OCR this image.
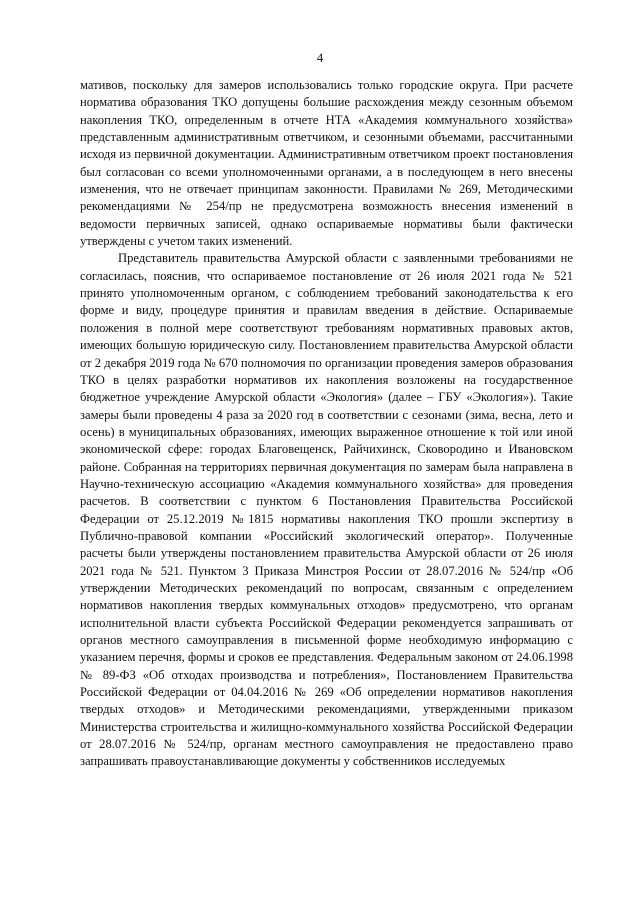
4

мативов, поскольку для замеров использовались только городские округа. При расчете норматива образования ТКО допущены большие расхождения между сезонным объемом накопления ТКО, определенным в отчете НТА «Академия коммунального хозяйства» представленным административным ответчиком, и сезонными объемами, рассчитанными исходя из первичной документации. Административным ответчиком проект постановления был согласован со всеми уполномоченными органами, а в последующем в него внесены изменения, что не отвечает принципам законности. Правилами № 269, Методическими рекомендациями № 254/пр не предусмотрена возможность внесения изменений в ведомости первичных записей, однако оспариваемые нормативы были фактически утверждены с учетом таких изменений.

Представитель правительства Амурской области с заявленными требованиями не согласилась, пояснив, что оспариваемое постановление от 26 июля 2021 года № 521 принято уполномоченным органом, с соблюдением требований законодательства к его форме и виду, процедуре принятия и правилам введения в действие. Оспариваемые положения в полной мере соответствуют требованиям нормативных правовых актов, имеющих большую юридическую силу. Постановлением правительства Амурской области от 2 декабря 2019 года № 670 полномочия по организации проведения замеров образования ТКО в целях разработки нормативов их накопления возложены на государственное бюджетное учреждение Амурской области «Экология» (далее – ГБУ «Экология»). Такие замеры были проведены 4 раза за 2020 год в соответствии с сезонами (зима, весна, лето и осень) в муниципальных образованиях, имеющих выраженное отношение к той или иной экономической сфере: городах Благовещенск, Райчихинск, Сковородино и Ивановском районе. Собранная на территориях первичная документация по замерам была направлена в Научно-техническую ассоциацию «Академия коммунального хозяйства» для проведения расчетов. В соответствии с пунктом 6 Постановления Правительства Российской Федерации от 25.12.2019 №1815 нормативы накопления ТКО прошли экспертизу в Публично-правовой компании «Российский экологический оператор». Полученные расчеты были утверждены постановлением правительства Амурской области от 26 июля 2021 года № 521. Пунктом 3 Приказа Минстроя России от 28.07.2016 № 524/пр «Об утверждении Методических рекомендаций по вопросам, связанным с определением нормативов накопления твердых коммунальных отходов» предусмотрено, что органам исполнительной власти субъекта Российской Федерации рекомендуется запрашивать от органов местного самоуправления в письменной форме необходимую информацию с указанием перечня, формы и сроков ее представления. Федеральным законом от 24.06.1998 № 89-ФЗ «Об отходах производства и потребления», Постановлением Правительства Российской Федерации от 04.04.2016 № 269 «Об определении нормативов накопления твердых отходов» и Методическими рекомендациями, утвержденными приказом Министерства строительства и жилищно-коммунального хозяйства Российской Федерации от 28.07.2016 № 524/пр, органам местного самоуправления не предоставлено право запрашивать правоустанавливающие документы у собственников исследуемых
